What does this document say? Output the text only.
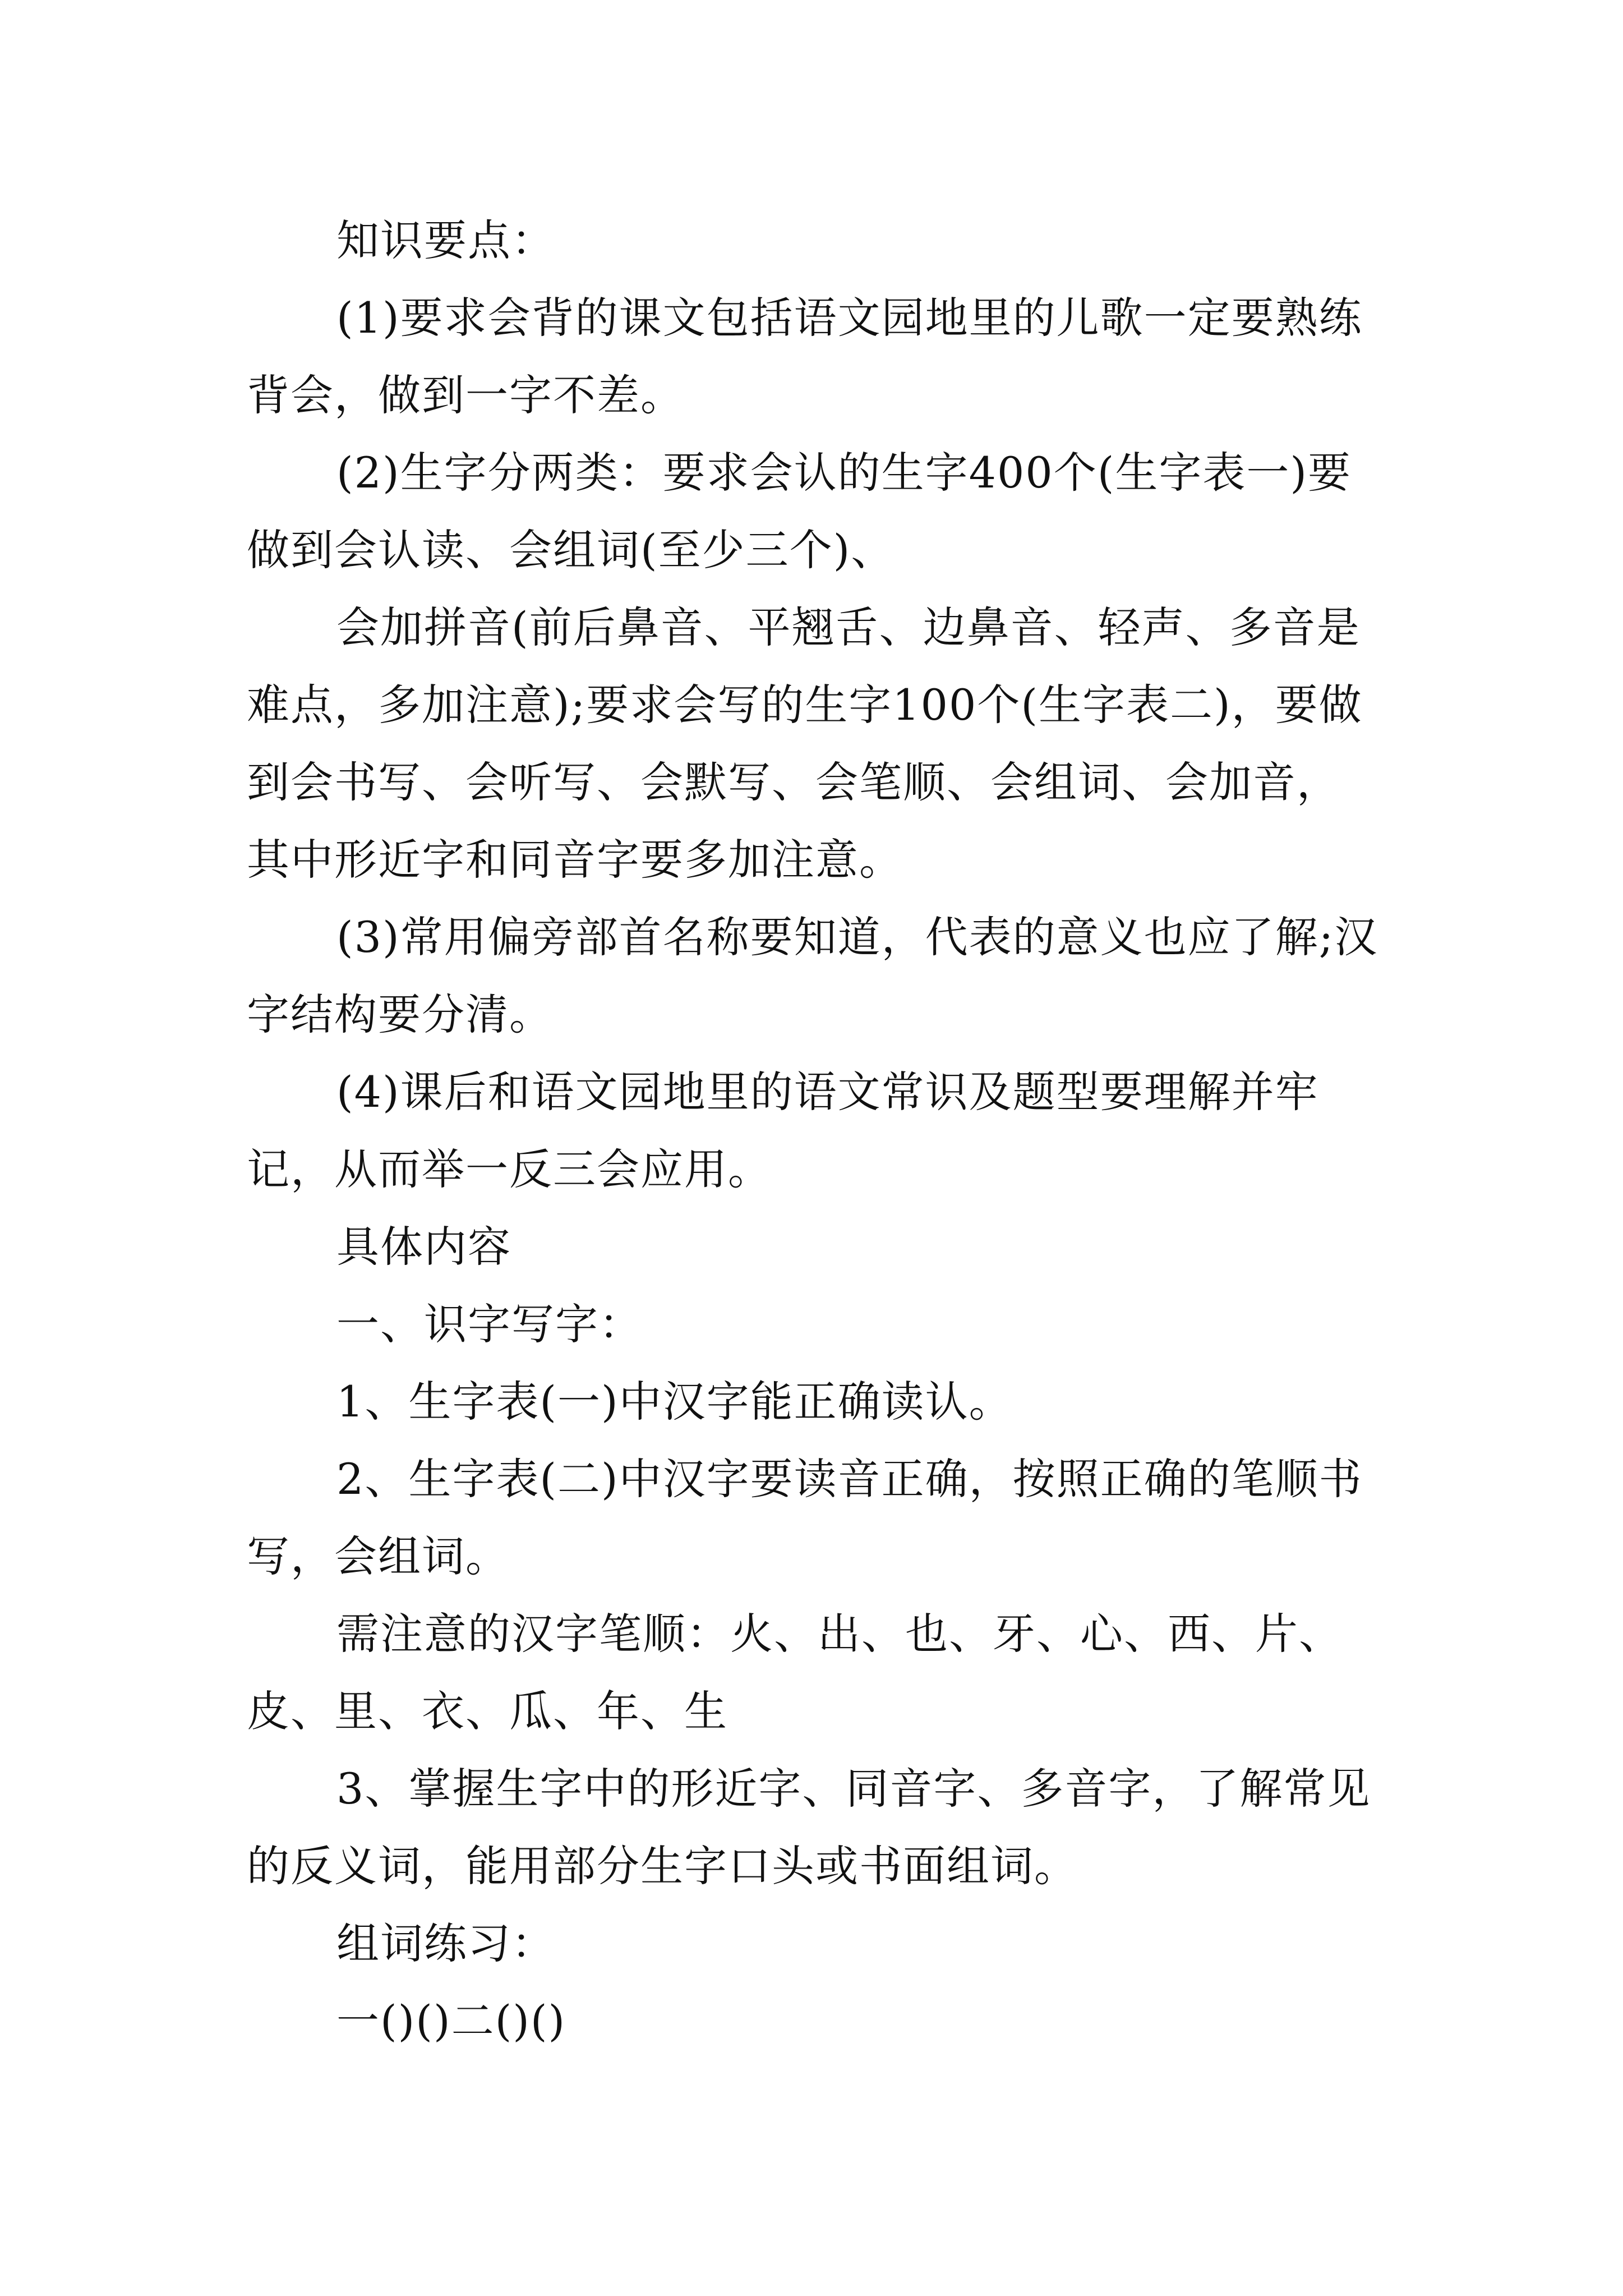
知识要点：

(1)要求会背的课文包括语文园地里的儿歌一定要熟练背会，做到一字不差。

(2)生字分两类：要求会认的生字400个(生字表一)要做到会认读、会组词(至少三个)、

会加拼音(前后鼻音、平翘舌、边鼻音、轻声、多音是难点，多加注意);要求会写的生字100个(生字表二)，要做到会书写、会听写、会默写、会笔顺、会组词、会加音，其中形近字和同音字要多加注意。

(3)常用偏旁部首名称要知道，代表的意义也应了解;汉字结构要分清。

(4)课后和语文园地里的语文常识及题型要理解并牢记，从而举一反三会应用。

具体内容

一、识字写字：

1、生字表(一)中汉字能正确读认。

2、生字表(二)中汉字要读音正确，按照正确的笔顺书写，会组词。

需注意的汉字笔顺：火、出、也、牙、心、西、片、皮、里、衣、瓜、年、生

3、掌握生字中的形近字、同音字、多音字，了解常见的反义词，能用部分生字口头或书面组词。

组词练习：

一()()二()()
